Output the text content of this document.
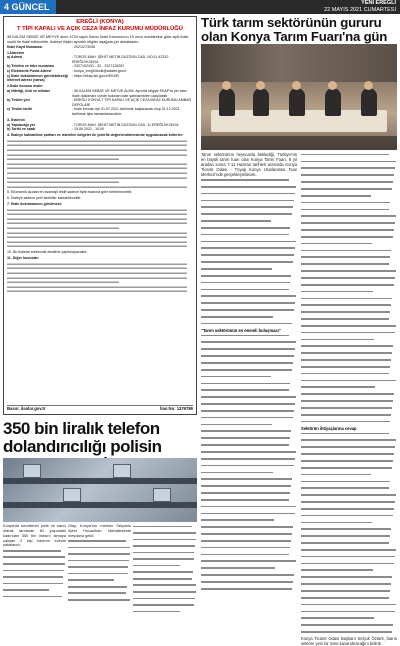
4 GÜNCEL	YENİ EREĞLİ
22 MAYIS 2021 CUMARTESİ
EREĞLİ (KONYA)
T TİPİ KAPALI VE AÇIK CEZA İNFAZ KURUMU MÜDÜRLÜĞÜ
36 KALEM SEBZE VE MEYVE alımı 4734 sayılı Kamu İhale Kanununun 19 uncu maddesine göre açık ihale usulü ile ihale edilecektir. İhaleye ilişkin ayrıntılı bilgiler aşağıda yer almaktadır:
İhale Kayıt Numarası	: 2021/273036
1-İdarenin
a) Adresi	: TOROS MAH. ŞEHİT METİN DÜZGÜN CAD. NO:11 42310 EREĞLİ/KONYA
b) Telefon ve faks numarası	: 3327102431 - 32 - 3327126287
c) Elektronik Posta Adresi	: konya_eregli.tikcik@adalet.gov.tr
ç) İhale dokümanının görülebileceği internet adresi (varsa)
: https://ekap.kik.gov.tr/EKAP/
2-İhale konusu malın
a) Niteliği, türü ve miktarı	: 36 KALEM SEBZE VE MEYVE ALIMI. Ayrıntılı bilgiye EKAP'ta yer alan ihale dokümanı içinde bulunan idari şartnameden ulaşılabilir.
b) Teslim yeri	: EREĞLİ KONYA T TİPİ KAPALI VE AÇIK CEZA İNFAZ KURUMU AMBAR DEPOLARI
c) Teslim tarihi	: İhale konusu işe 01.07.2021 tarihinde başlanacak olup 31.12.2021 tarihinde işler tamamlanacaktır.
3- İhalenin
a) Yapılacağı yer	: TOROS MAH. ŞEHİT METİN DÜZGÜN CAD. 11 EREĞLİ/KONYA
b) Tarihi ve saati	: 15.06.2021 - 10:00
4. İhaleye katılabilme şartları ve istenilen belgeler ile yeterlik değerlendirmesinde uygulanacak kriterler:
5. Ekonomik açıdan en avantajlı teklif sadece fiyat esasına göre belirlenecektir.
6. İhaleye sadece yerli istekliler katılabilecektir.
7. İhale dokümanının görülmesi:
10. Bu ihalede elektronik eksiltme yapılmayacaktır.
11. Diğer hususlar:
Basın: ilanlar.gov.tr	İlan No: 1376789
Türk tarım sektörünün gururu olan Konya Tarım Fuarı'na gün
Tarım sektörünün heyecanla beklediği, Türkiye'nin en büyük tarım fuarı olan Konya Tarım Fuarı, 8 yıl aradan sonra 7-11 Haziran tarihleri arasında Konya Ticaret Odası - Tüyap Konya Uluslararası Fuar Merkezi'nde gerçekleştirilecek.
"Tarım sektörünün en önemli buluşması"
Sektörün ihtiyaçlarına cevap
Konya Ticaret Odası Başkanı Selçuk Öztürk, fuarın sektöre yeni bir ivme kazandıracağını belirtti.
350 bin liralık telefon dolandırıcılığı polisin
Konya'da kendilerini polis ve savcı olarak tanıtarak 81 yaşındaki kadından 350 bin lirasını almaya çalışan 2 kişi kadının evinde yakalandı.
Olay, Konya'nın merkez Selçuklu ilçesi Hocacihan Mahallesinde meydana geldi.
